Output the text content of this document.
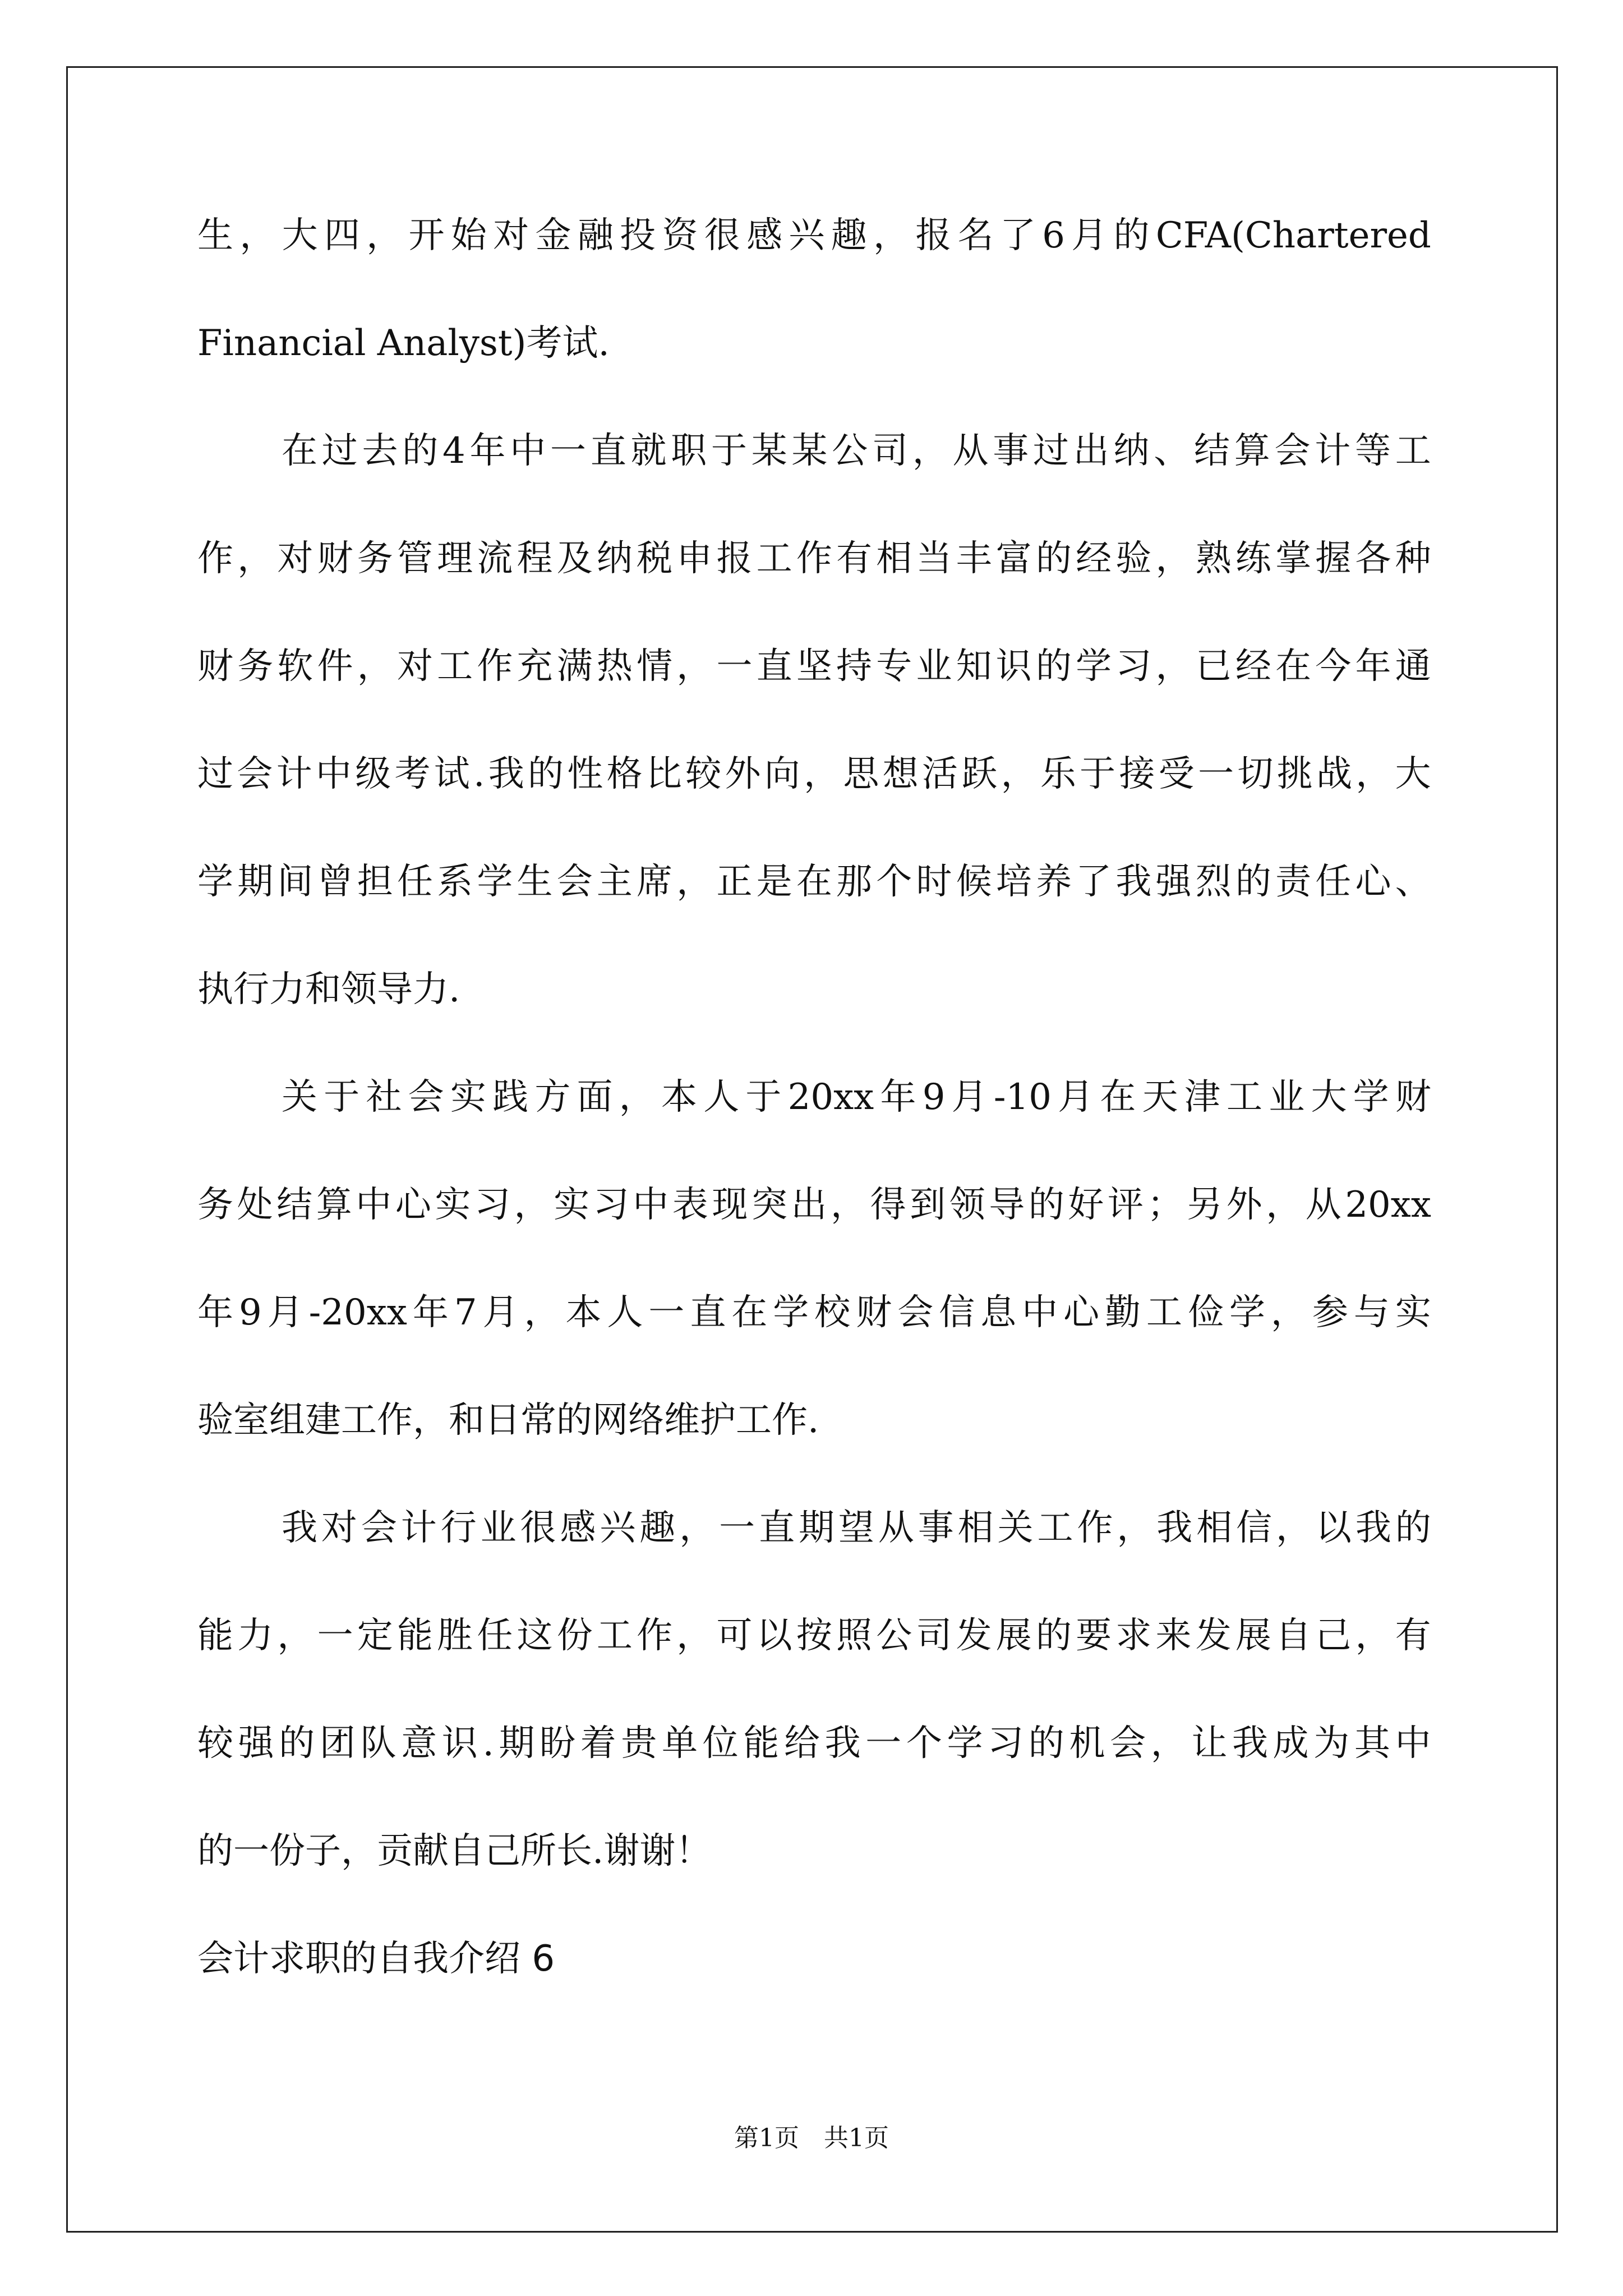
生 ， 大 四 ， 开 始 对 金 融 投 资 很 感 兴 趣 ， 报 名 了 6 月 的 CFA(Chartered
Financial Analyst)考试.
在 过 去 的 4 年 中 一 直 就 职 于 某 某 公 司 ， 从 事 过 出 纳 、 结 算 会 计 等 工
作 ， 对 财 务 管 理 流 程 及 纳 税 申 报 工 作 有 相 当 丰 富 的 经 验 ， 熟 练 掌 握 各 种
财 务 软 件 ， 对 工 作 充 满 热 情 ， 一 直 坚 持 专 业 知 识 的 学 习 ， 已 经 在 今 年 通
过 会 计 中 级 考 试 . 我 的 性 格 比 较 外 向 ， 思 想 活 跃 ， 乐 于 接 受 一 切 挑 战 ， 大
学 期 间 曾 担 任 系 学 生 会 主 席 ， 正 是 在 那 个 时 候 培 养 了 我 强 烈 的 责 任 心 、
执行力和领导力.
关 于 社 会 实 践 方 面 ， 本 人 于 20xx 年 9 月 -10 月 在 天 津 工 业 大 学 财
务 处 结 算 中 心 实 习 ， 实 习 中 表 现 突 出 ， 得 到 领 导 的 好 评 ； 另 外 ， 从 20xx
年 9 月 -20xx 年 7 月 ， 本 人 一 直 在 学 校 财 会 信 息 中 心 勤 工 俭 学 ， 参 与 实
验室组建工作，和日常的网络维护工作.
我 对 会 计 行 业 很 感 兴 趣 ， 一 直 期 望 从 事 相 关 工 作 ， 我 相 信 ， 以 我 的
能 力 ， 一 定 能 胜 任 这 份 工 作 ， 可 以 按 照 公 司 发 展 的 要 求 来 发 展 自 己 ， 有
较 强 的 团 队 意 识 . 期 盼 着 贵 单 位 能 给 我 一 个 学 习 的 机 会 ， 让 我 成 为 其 中
的一份子，贡献自己所长.谢谢！
会计求职的自我介绍 6
第1页 共1页
